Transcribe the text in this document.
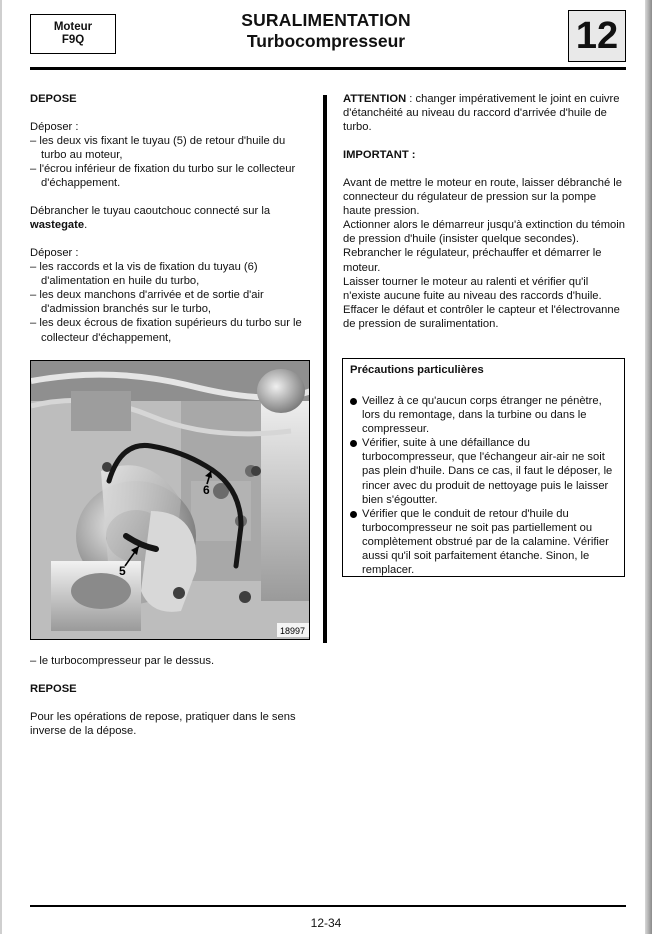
Moteur
F9Q
SURALIMENTATION
Turbocompresseur	12
DEPOSE

Déposer :

– les deux vis fixant le tuyau (5) de retour d'huile du turbo au moteur,

– l'écrou inférieur de fixation du turbo sur le collecteur d'échappement.

Débrancher le tuyau caoutchouc connecté sur la wastegate.

Déposer :

– les raccords et la vis de fixation du tuyau (6) d'alimentation en huile du turbo,

– les deux manchons d'arrivée et de sortie d'air d'admission branchés sur le turbo,

– les deux écrous de fixation supérieurs du turbo sur le collecteur d'échappement,

5
6
18997
– le turbocompresseur par le dessus.
REPOSE
Pour les opérations de repose, pratiquer dans le sens inverse de la dépose.
ATTENTION : changer impérativement le joint en cuivre d'étanchéité au niveau du raccord d'arrivée d'huile de turbo.
IMPORTANT :

Avant de mettre le moteur en route, laisser débranché le connecteur du régulateur de pression sur la pompe haute pression.

Actionner alors le démarreur jusqu'à extinction du témoin de pression d'huile (insister quelque secondes).

Rebrancher le régulateur, préchauffer et démarrer le moteur.

Laisser tourner le moteur au ralenti et vérifier qu'il n'existe aucune fuite au niveau des raccords d'huile.

Effacer le défaut et contrôler le capteur et l'électrovanne de pression de suralimentation.

Précautions particulières
Veillez à ce qu'aucun corps étranger ne pénètre, lors du remontage, dans la turbine ou dans le compresseur.
Vérifier, suite à une défaillance du turbocompresseur, que l'échangeur air-air ne soit pas plein d'huile. Dans ce cas, il faut le déposer, le rincer avec du produit de nettoyage puis le laisser bien s'égoutter.
Vérifier que le conduit de retour d'huile du turbocompresseur ne soit pas partiellement ou complètement obstrué par de la calamine. Vérifier aussi qu'il soit parfaitement étanche. Sinon, le remplacer.
12-34
